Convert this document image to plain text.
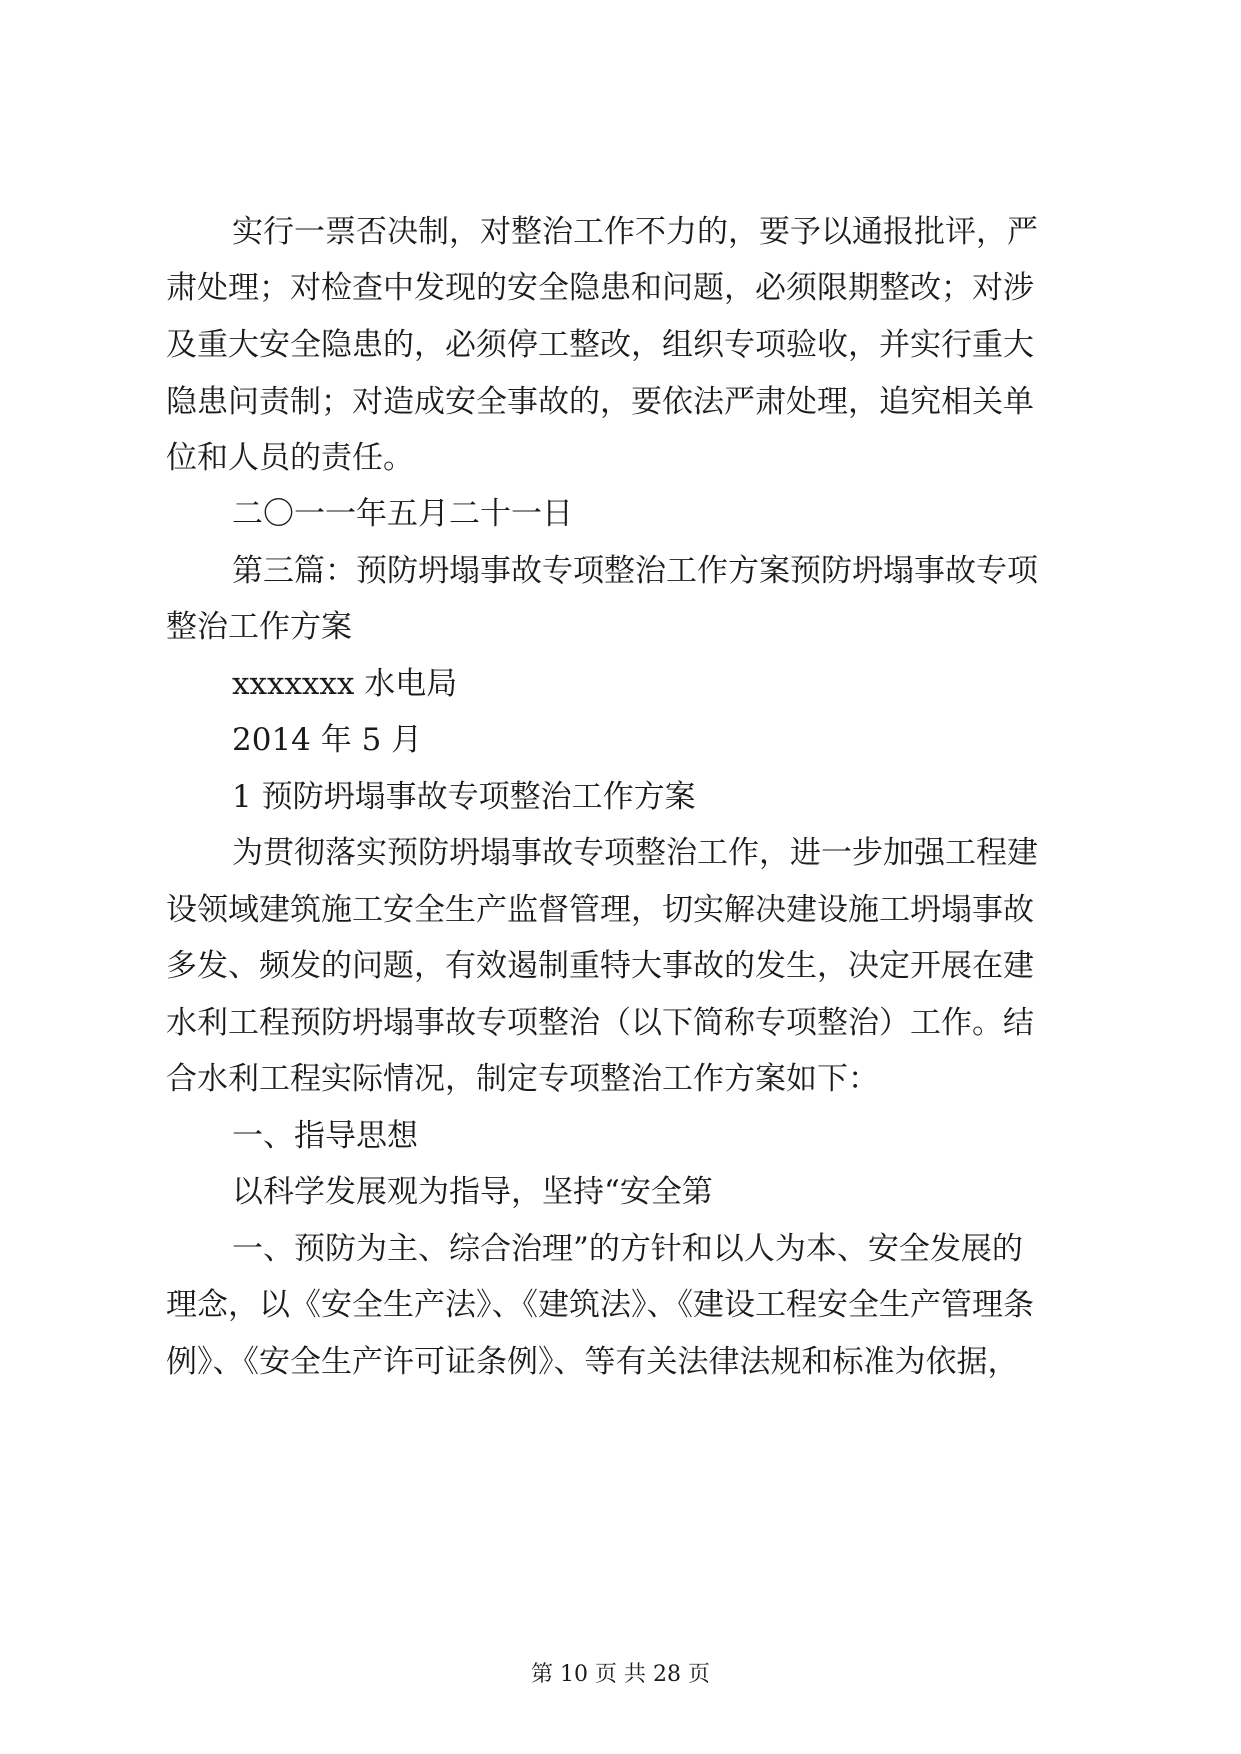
实行一票否决制，对整治工作不力的，要予以通报批评，严
肃处理；对检查中发现的安全隐患和问题，必须限期整改；对涉
及重大安全隐患的，必须停工整改，组织专项验收，并实行重大
隐患问责制；对造成安全事故的，要依法严肃处理，追究相关单
位和人员的责任。
二〇一一年五月二十一日
第三篇：预防坍塌事故专项整治工作方案预防坍塌事故专项
整治工作方案
xxxxxxx 水电局
2014 年 5 月
1 预防坍塌事故专项整治工作方案
为贯彻落实预防坍塌事故专项整治工作，进一步加强工程建
设领域建筑施工安全生产监督管理，切实解决建设施工坍塌事故
多发、频发的问题，有效遏制重特大事故的发生，决定开展在建
水利工程预防坍塌事故专项整治（以下简称专项整治）工作。结
合水利工程实际情况，制定专项整治工作方案如下：
一、指导思想
以科学发展观为指导，坚持“安全第
一、预防为主、综合治理”的方针和以人为本、安全发展的
理念，以《安全生产法》、《建筑法》、《建设工程安全生产管理条
例》、《安全生产许可证条例》、等有关法律法规和标准为依据，
第 10 页 共 28 页
